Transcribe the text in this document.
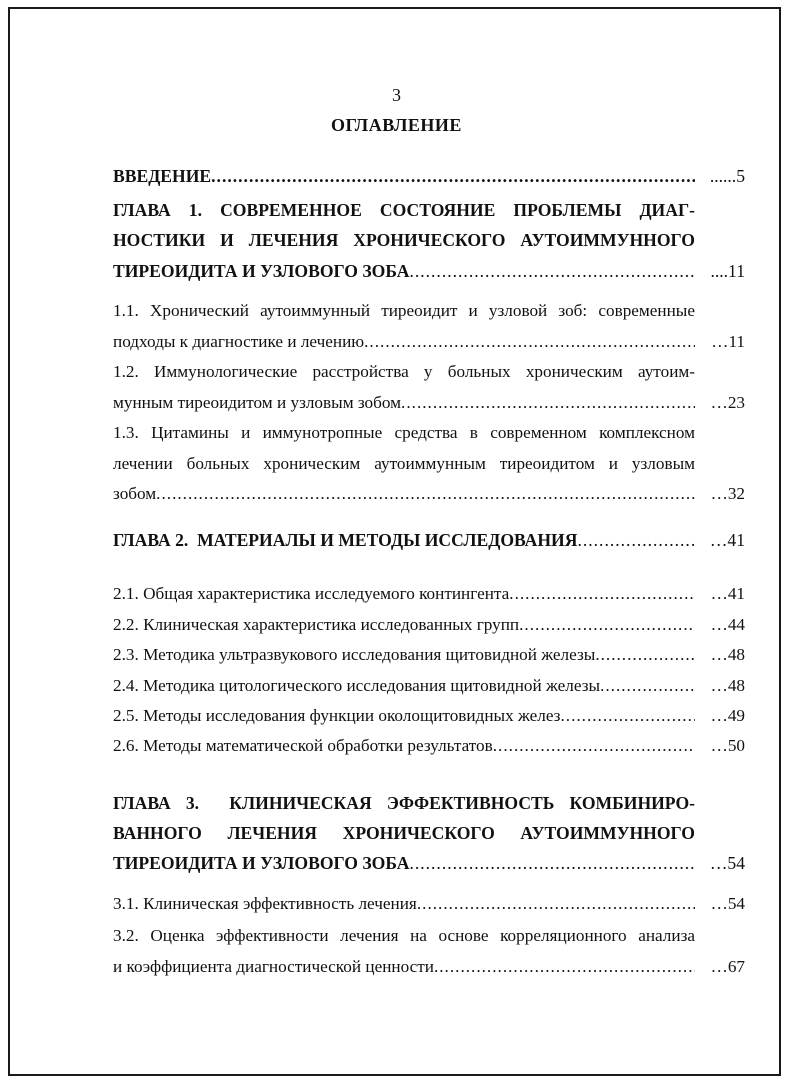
3
ОГЛАВЛЕНИЕ
ВВЕДЕНИЕ .....	......5
ГЛАВА 1. СОВРЕМЕННОЕ СОСТОЯНИЕ ПРОБЛЕМЫ ДИАГ-
НОСТИКИ И ЛЕЧЕНИЯ ХРОНИЧЕСКОГО АУТОИММУННОГО
ТИРЕОИДИТА И УЗЛОВОГО ЗОБА .....	....11
1.1. Хронический аутоиммунный тиреоидит и узловой зоб: современные
подходы к диагностике и лечению .....	…11
1.2. Иммунологические расстройства у больных хроническим аутоим-
мунным тиреоидитом и узловым зобом .....	…23
1.3. Цитамины и иммунотропные средства в современном комплексном
лечении больных хроническим аутоиммунным тиреоидитом и узловым
зобом .....	…32
ГЛАВА 2.  МАТЕРИАЛЫ И МЕТОДЫ ИССЛЕДОВАНИЯ .....	…41
2.1. Общая характеристика исследуемого контингента .....	…41
2.2. Клиническая характеристика исследованных групп .....	…44
2.3. Методика ультразвукового исследования щитовидной железы .....	…48
2.4. Методика цитологического исследования щитовидной железы .....	…48
2.5. Методы исследования функции околощитовидных желез .....	…49
2.6. Методы математической обработки результатов .....	…50
ГЛАВА 3.  КЛИНИЧЕСКАЯ ЭФФЕКТИВНОСТЬ КОМБИНИРО-
ВАННОГО ЛЕЧЕНИЯ ХРОНИЧЕСКОГО АУТОИММУННОГО
ТИРЕОИДИТА И УЗЛОВОГО ЗОБА .....	…54
3.1. Клиническая эффективность лечения .....	…54
3.2. Оценка эффективности лечения на основе корреляционного анализа
и коэффициента диагностической ценности .....	…67
